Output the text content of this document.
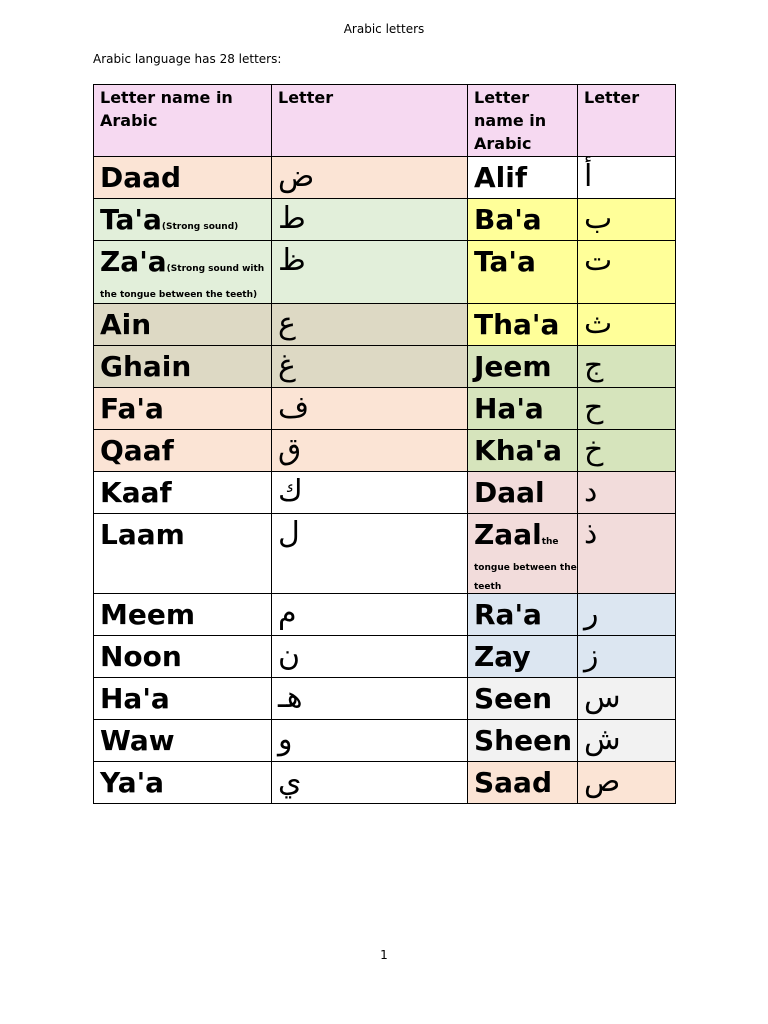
Arabic letters
Arabic language has 28 letters:
Letter name in Arabic	Letter	Letter name in Arabic	Letter
Daad	ض	Alif	أ
Ta'a(Strong sound)	ط	Ba'a	ب
Za'a(Strong sound with the tongue between the teeth)	ظ	Ta'a	ت
Ain	ع	Tha'a	ث
Ghain	غ	Jeem	ج
Fa'a	ف	Ha'a	ح
Qaaf	ق	Kha'a	خ
Kaaf	ك	Daal	د
Laam	ل	Zaalthe tongue between the teeth	ذ
Meem	م	Ra'a	ر
Noon	ن	Zay	ز
Ha'a	هـ	Seen	س
Waw	و	Sheen	ش
Ya'a	ي	Saad	ص
1
